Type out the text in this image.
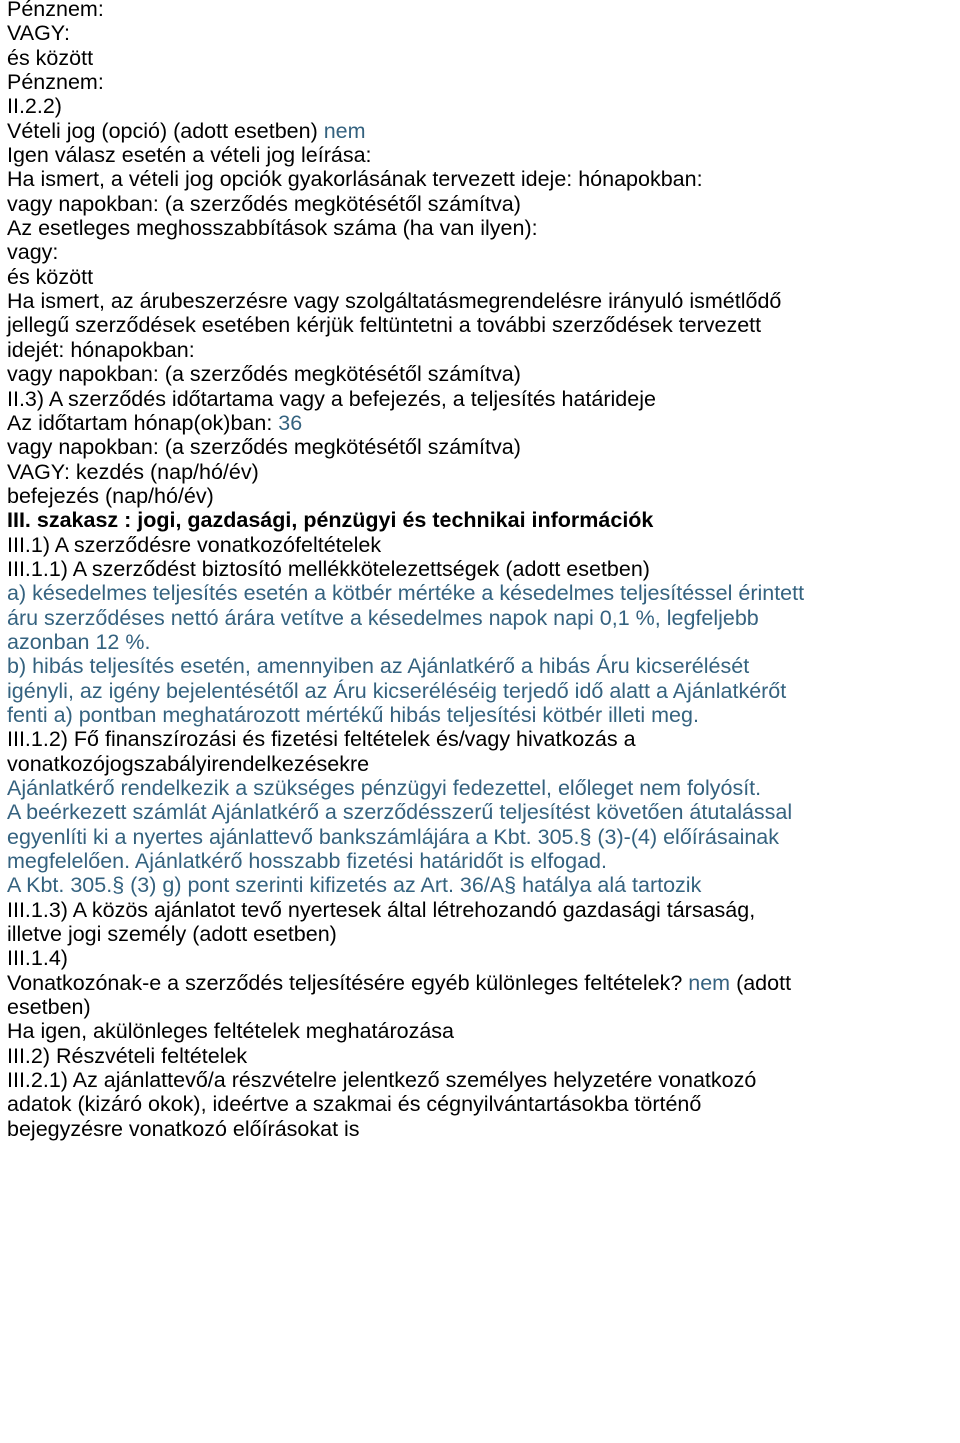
Pénznem:
VAGY:
és között
Pénznem:
II.2.2)
Vételi jog (opció) (adott esetben) nem
Igen válasz esetén a vételi jog leírása:
Ha ismert, a vételi jog opciók gyakorlásának tervezett ideje: hónapokban:
vagy napokban: (a szerződés megkötésétől számítva)
Az esetleges meghosszabbítások száma (ha van ilyen):
vagy:
és között
Ha ismert, az árubeszerzésre vagy szolgáltatásmegrendelésre irányuló ismétlődő
jellegű szerződések esetében kérjük feltüntetni a további szerződések tervezett
idejét: hónapokban:
vagy napokban: (a szerződés megkötésétől számítva)
II.3) A szerződés időtartama vagy a befejezés, a teljesítés határideje
Az időtartam hónap(ok)ban: 36
vagy napokban: (a szerződés megkötésétől számítva)
VAGY: kezdés (nap/hó/év)
befejezés (nap/hó/év)
III. szakasz : jogi, gazdasági, pénzügyi és technikai információk
III.1) A szerződésre vonatkozófeltételek
III.1.1) A szerződést biztosító mellékkötelezettségek (adott esetben)
a) késedelmes teljesítés esetén a kötbér mértéke a késedelmes teljesítéssel érintett
áru szerződéses nettó árára vetítve a késedelmes napok napi 0,1 %, legfeljebb
azonban 12 %.
b) hibás teljesítés esetén, amennyiben az Ajánlatkérő a hibás Áru kicserélését
igényli, az igény bejelentésétől az Áru kicseréléséig terjedő idő alatt a Ajánlatkérőt
fenti a) pontban meghatározott mértékű hibás teljesítési kötbér illeti meg.
III.1.2) Fő finanszírozási és fizetési feltételek és/vagy hivatkozás a
vonatkozójogszabályirendelkezésekre
Ajánlatkérő rendelkezik a szükséges pénzügyi fedezettel, előleget nem folyósít.
A beérkezett számlát Ajánlatkérő a szerződésszerű teljesítést követően átutalással
egyenlíti ki a nyertes ajánlattevő bankszámlájára a Kbt. 305.§ (3)-(4) előírásainak
megfelelően. Ajánlatkérő hosszabb fizetési határidőt is elfogad.
A Kbt. 305.§ (3) g) pont szerinti kifizetés az Art. 36/A§ hatálya alá tartozik
III.1.3) A közös ajánlatot tevő nyertesek által létrehozandó gazdasági társaság,
illetve jogi személy (adott esetben)
III.1.4)
Vonatkozónak-e a szerződés teljesítésére egyéb különleges feltételek? nem (adott
esetben)
Ha igen, akülönleges feltételek meghatározása
III.2) Részvételi feltételek
III.2.1) Az ajánlattevő/a részvételre jelentkező személyes helyzetére vonatkozó
adatok (kizáró okok), ideértve a szakmai és cégnyilvántartásokba történő
bejegyzésre vonatkozó előírásokat is
